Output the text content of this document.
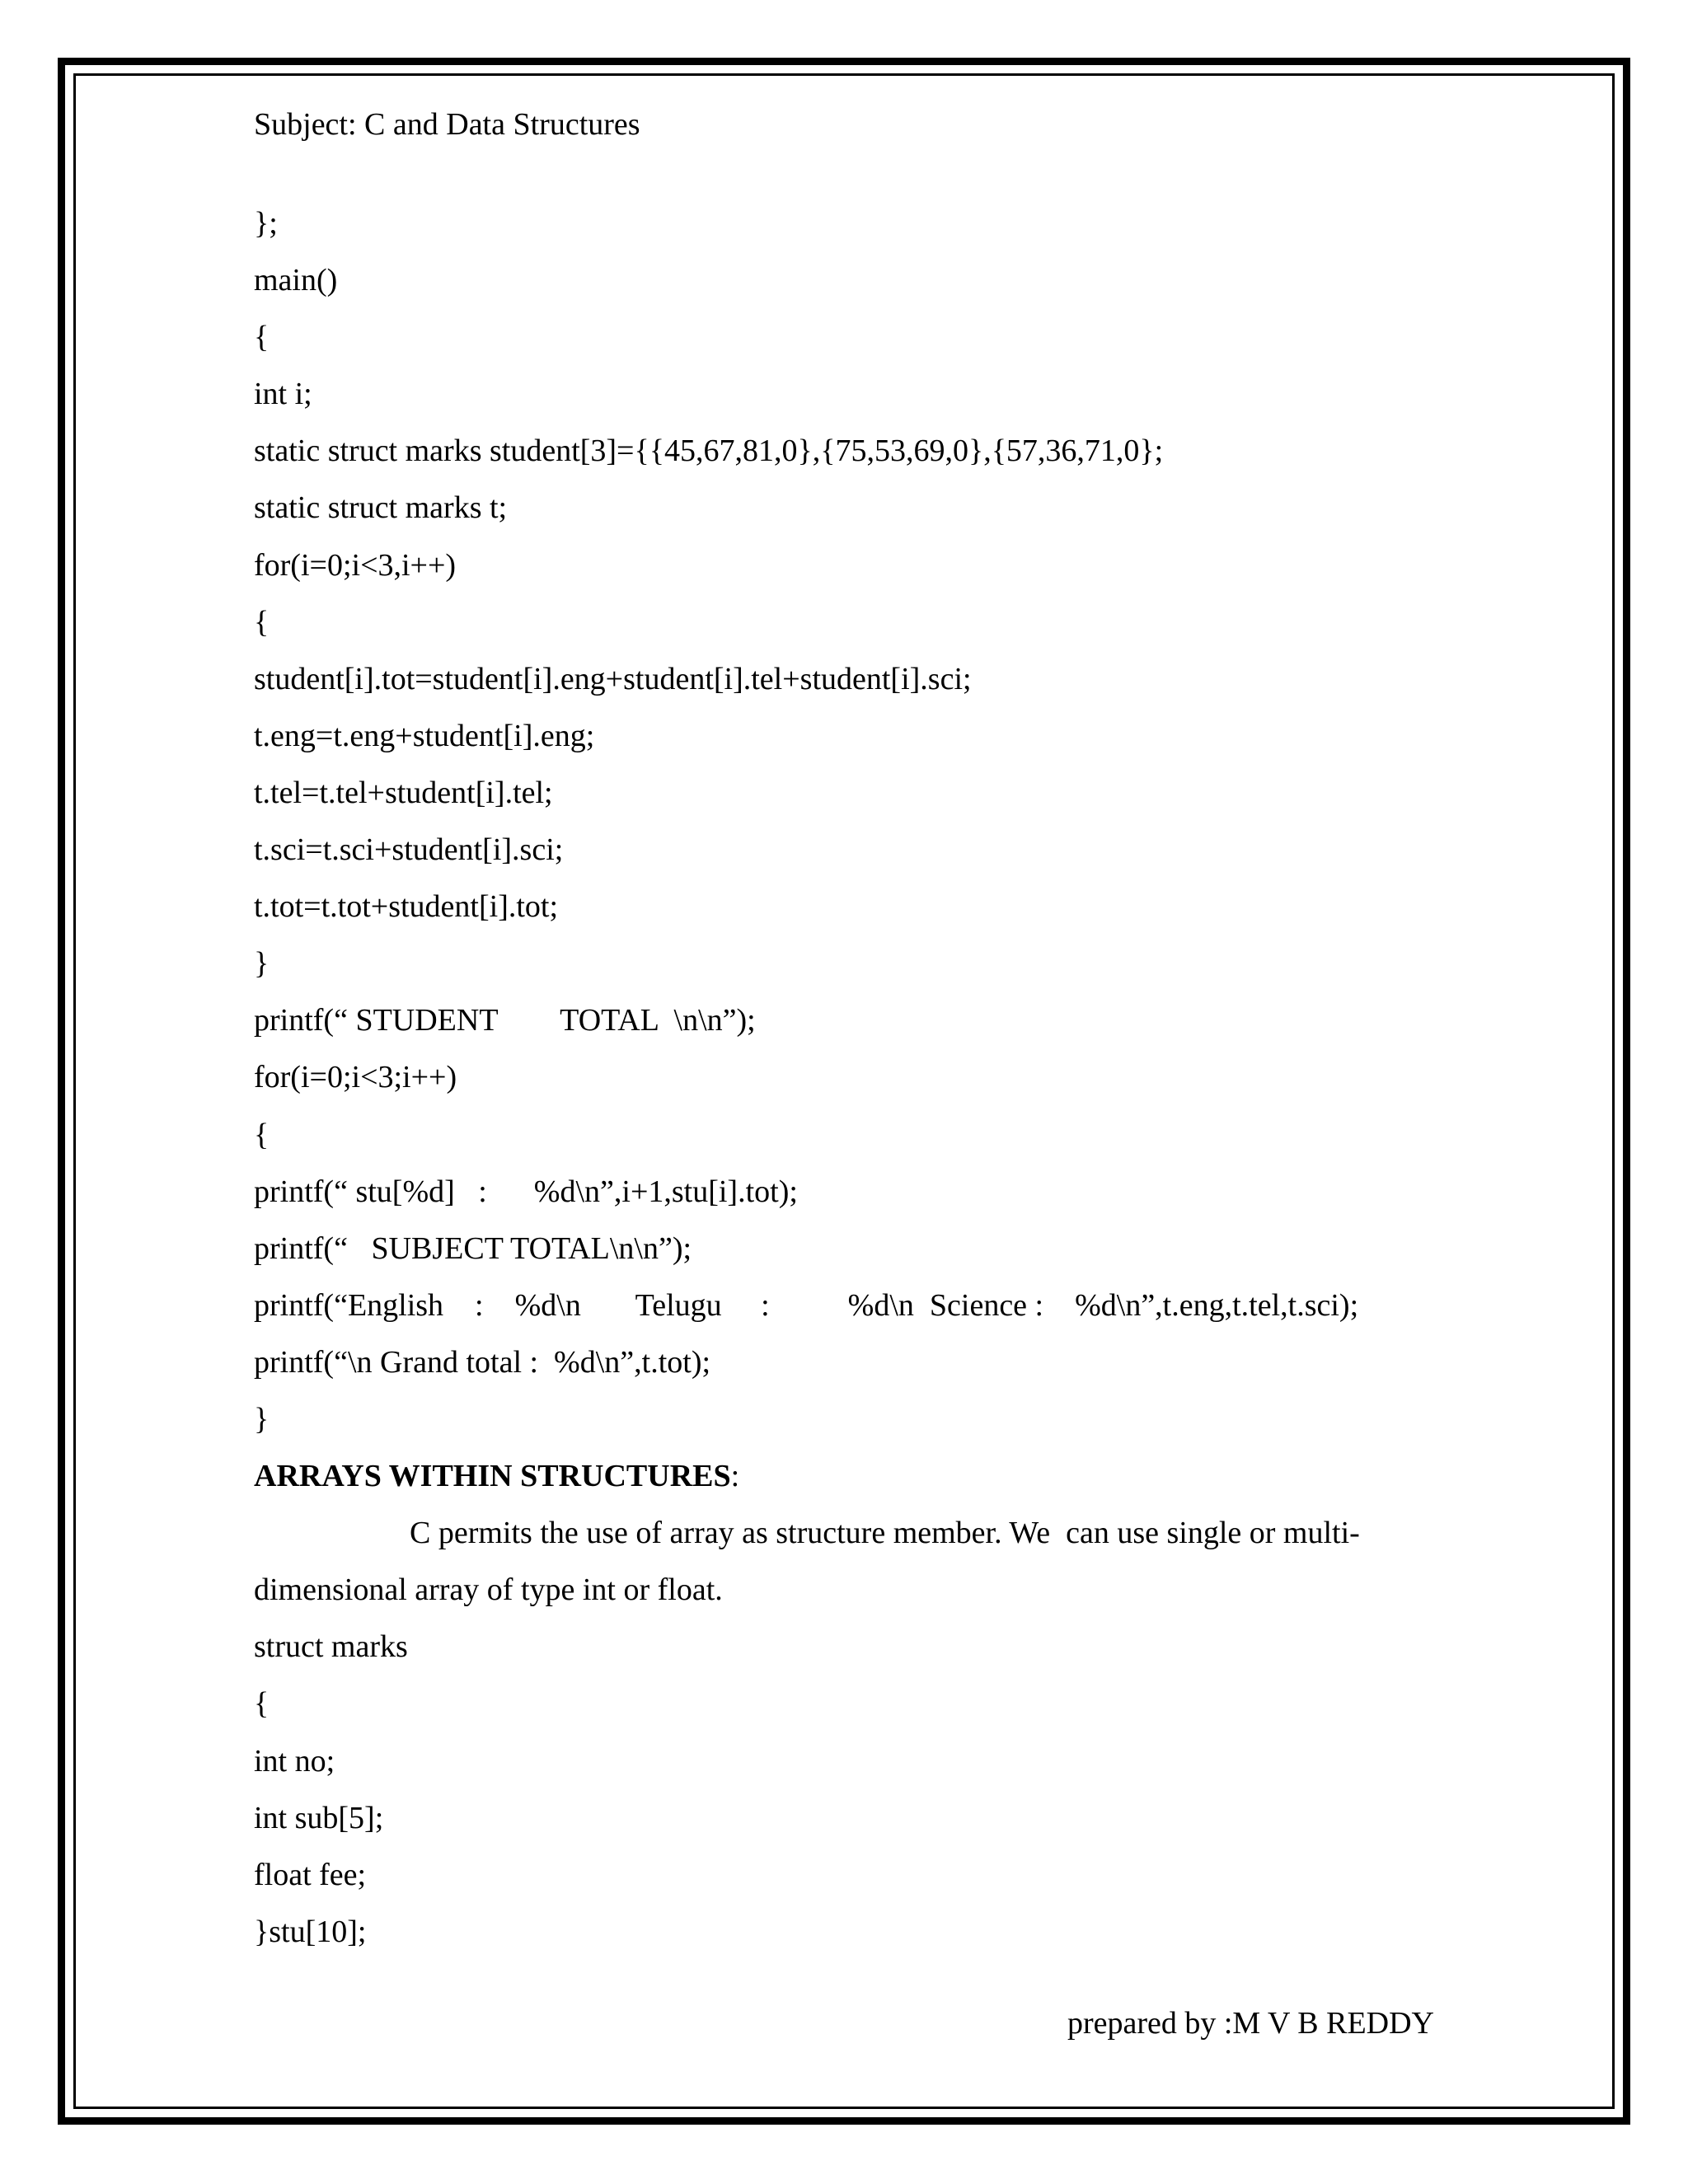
Subject: C and Data Structures
};
main()
{
int i;
static struct marks student[3]={{45,67,81,0},{75,53,69,0},{57,36,71,0};
static struct marks t;
for(i=0;i<3,i++)
{
student[i].tot=student[i].eng+student[i].tel+student[i].sci;
t.eng=t.eng+student[i].eng;
t.tel=t.tel+student[i].tel;
t.sci=t.sci+student[i].sci;
t.tot=t.tot+student[i].tot;
}
printf(“ STUDENT        TOTAL  \n\n”);
for(i=0;i<3;i++)
{
printf(“ stu[%d]   :      %d\n”,i+1,stu[i].tot);
printf(“   SUBJECT TOTAL\n\n”);
printf(“English    :    %d\n       Telugu     :          %d\n  Science :    %d\n”,t.eng,t.tel,t.sci);
printf(“\n Grand total :  %d\n”,t.tot);
}
ARRAYS WITHIN STRUCTURES:
C permits the use of array as structure member. We  can use single or multi-
dimensional array of type int or float.
struct marks
{
int no;
int sub[5];
float fee;
}stu[10];
prepared by :M V B REDDY
